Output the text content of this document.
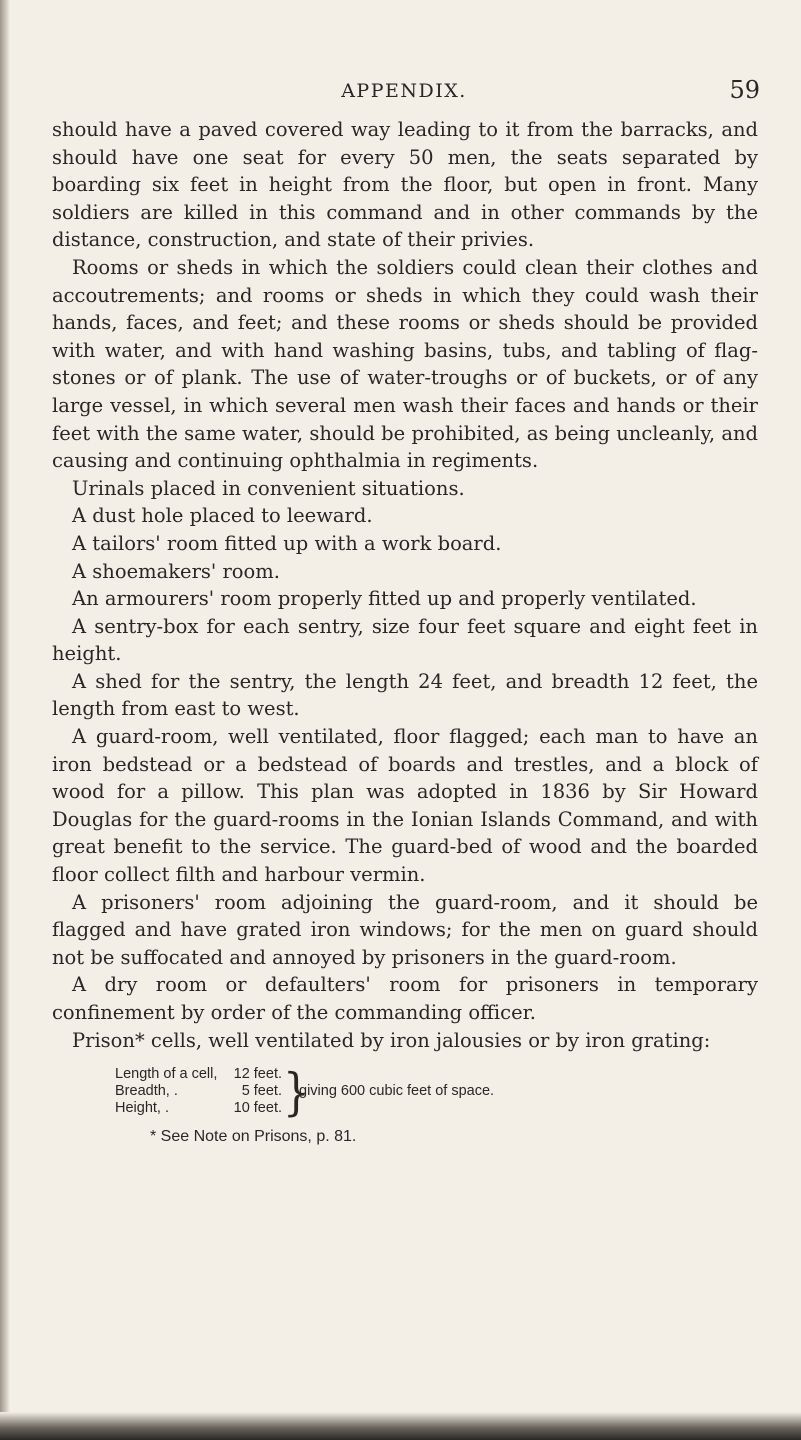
APPENDIX.	59

should have a paved covered way leading to it from the barracks, and should have one seat for every 50 men, the seats separated by boarding six feet in height from the floor, but open in front. Many soldiers are killed in this command and in other commands by the distance, construction, and state of their privies.

Rooms or sheds in which the soldiers could clean their clothes and accoutrements; and rooms or sheds in which they could wash their hands, faces, and feet; and these rooms or sheds should be provided with water, and with hand washing basins, tubs, and tabling of flag-stones or of plank. The use of water-troughs or of buckets, or of any large vessel, in which several men wash their faces and hands or their feet with the same water, should be prohibited, as being uncleanly, and causing and continuing ophthalmia in regiments.

Urinals placed in convenient situations.

A dust hole placed to leeward.

A tailors' room fitted up with a work board.

A shoemakers' room.

An armourers' room properly fitted up and properly ventilated.

A sentry-box for each sentry, size four feet square and eight feet in height.

A shed for the sentry, the length 24 feet, and breadth 12 feet, the length from east to west.

A guard-room, well ventilated, floor flagged; each man to have an iron bedstead or a bedstead of boards and trestles, and a block of wood for a pillow. This plan was adopted in 1836 by Sir Howard Douglas for the guard-rooms in the Ionian Islands Command, and with great benefit to the service. The guard-bed of wood and the boarded floor collect filth and harbour vermin.

A prisoners' room adjoining the guard-room, and it should be flagged and have grated iron windows; for the men on guard should not be suffocated and annoyed by prisoners in the guard-room.

A dry room or defaulters' room for prisoners in temporary confinement by order of the commanding officer.

Prison* cells, well ventilated by iron jalousies or by iron grating:

Length of a cell,	12 feet.
Breadth, .	5 feet.
Height, .	10 feet. }
giving 600 cubic feet of space.
* See Note on Prisons, p. 81.
